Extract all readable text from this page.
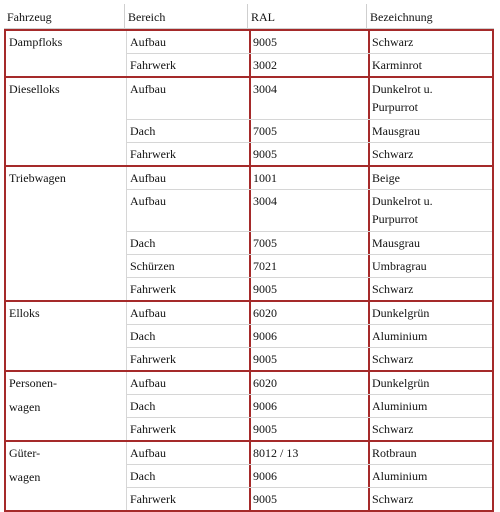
Fahrzeug	Bereich	RAL	Bezeichnung
Dampfloks	Aufbau	9005	Schwarz
Fahrwerk	3002	Karminrot
Dieselloks	Aufbau	3004	Dunkelrot u.
Purpurrot
Dach	7005	Mausgrau
Fahrwerk	9005	Schwarz
Triebwagen	Aufbau	1001	Beige
Aufbau	3004	Dunkelrot u.
Purpurrot
Dach	7005	Mausgrau
Schürzen	7021	Umbragrau
Fahrwerk	9005	Schwarz
Elloks	Aufbau	6020	Dunkelgrün
Dach	9006	Aluminium
Fahrwerk	9005	Schwarz
Personen-
wagen
Aufbau	6020	Dunkelgrün
Dach	9006	Aluminium
Fahrwerk	9005	Schwarz
Güter-
wagen
Aufbau	8012 / 13	Rotbraun
Dach	9006	Aluminium
Fahrwerk	9005	Schwarz
